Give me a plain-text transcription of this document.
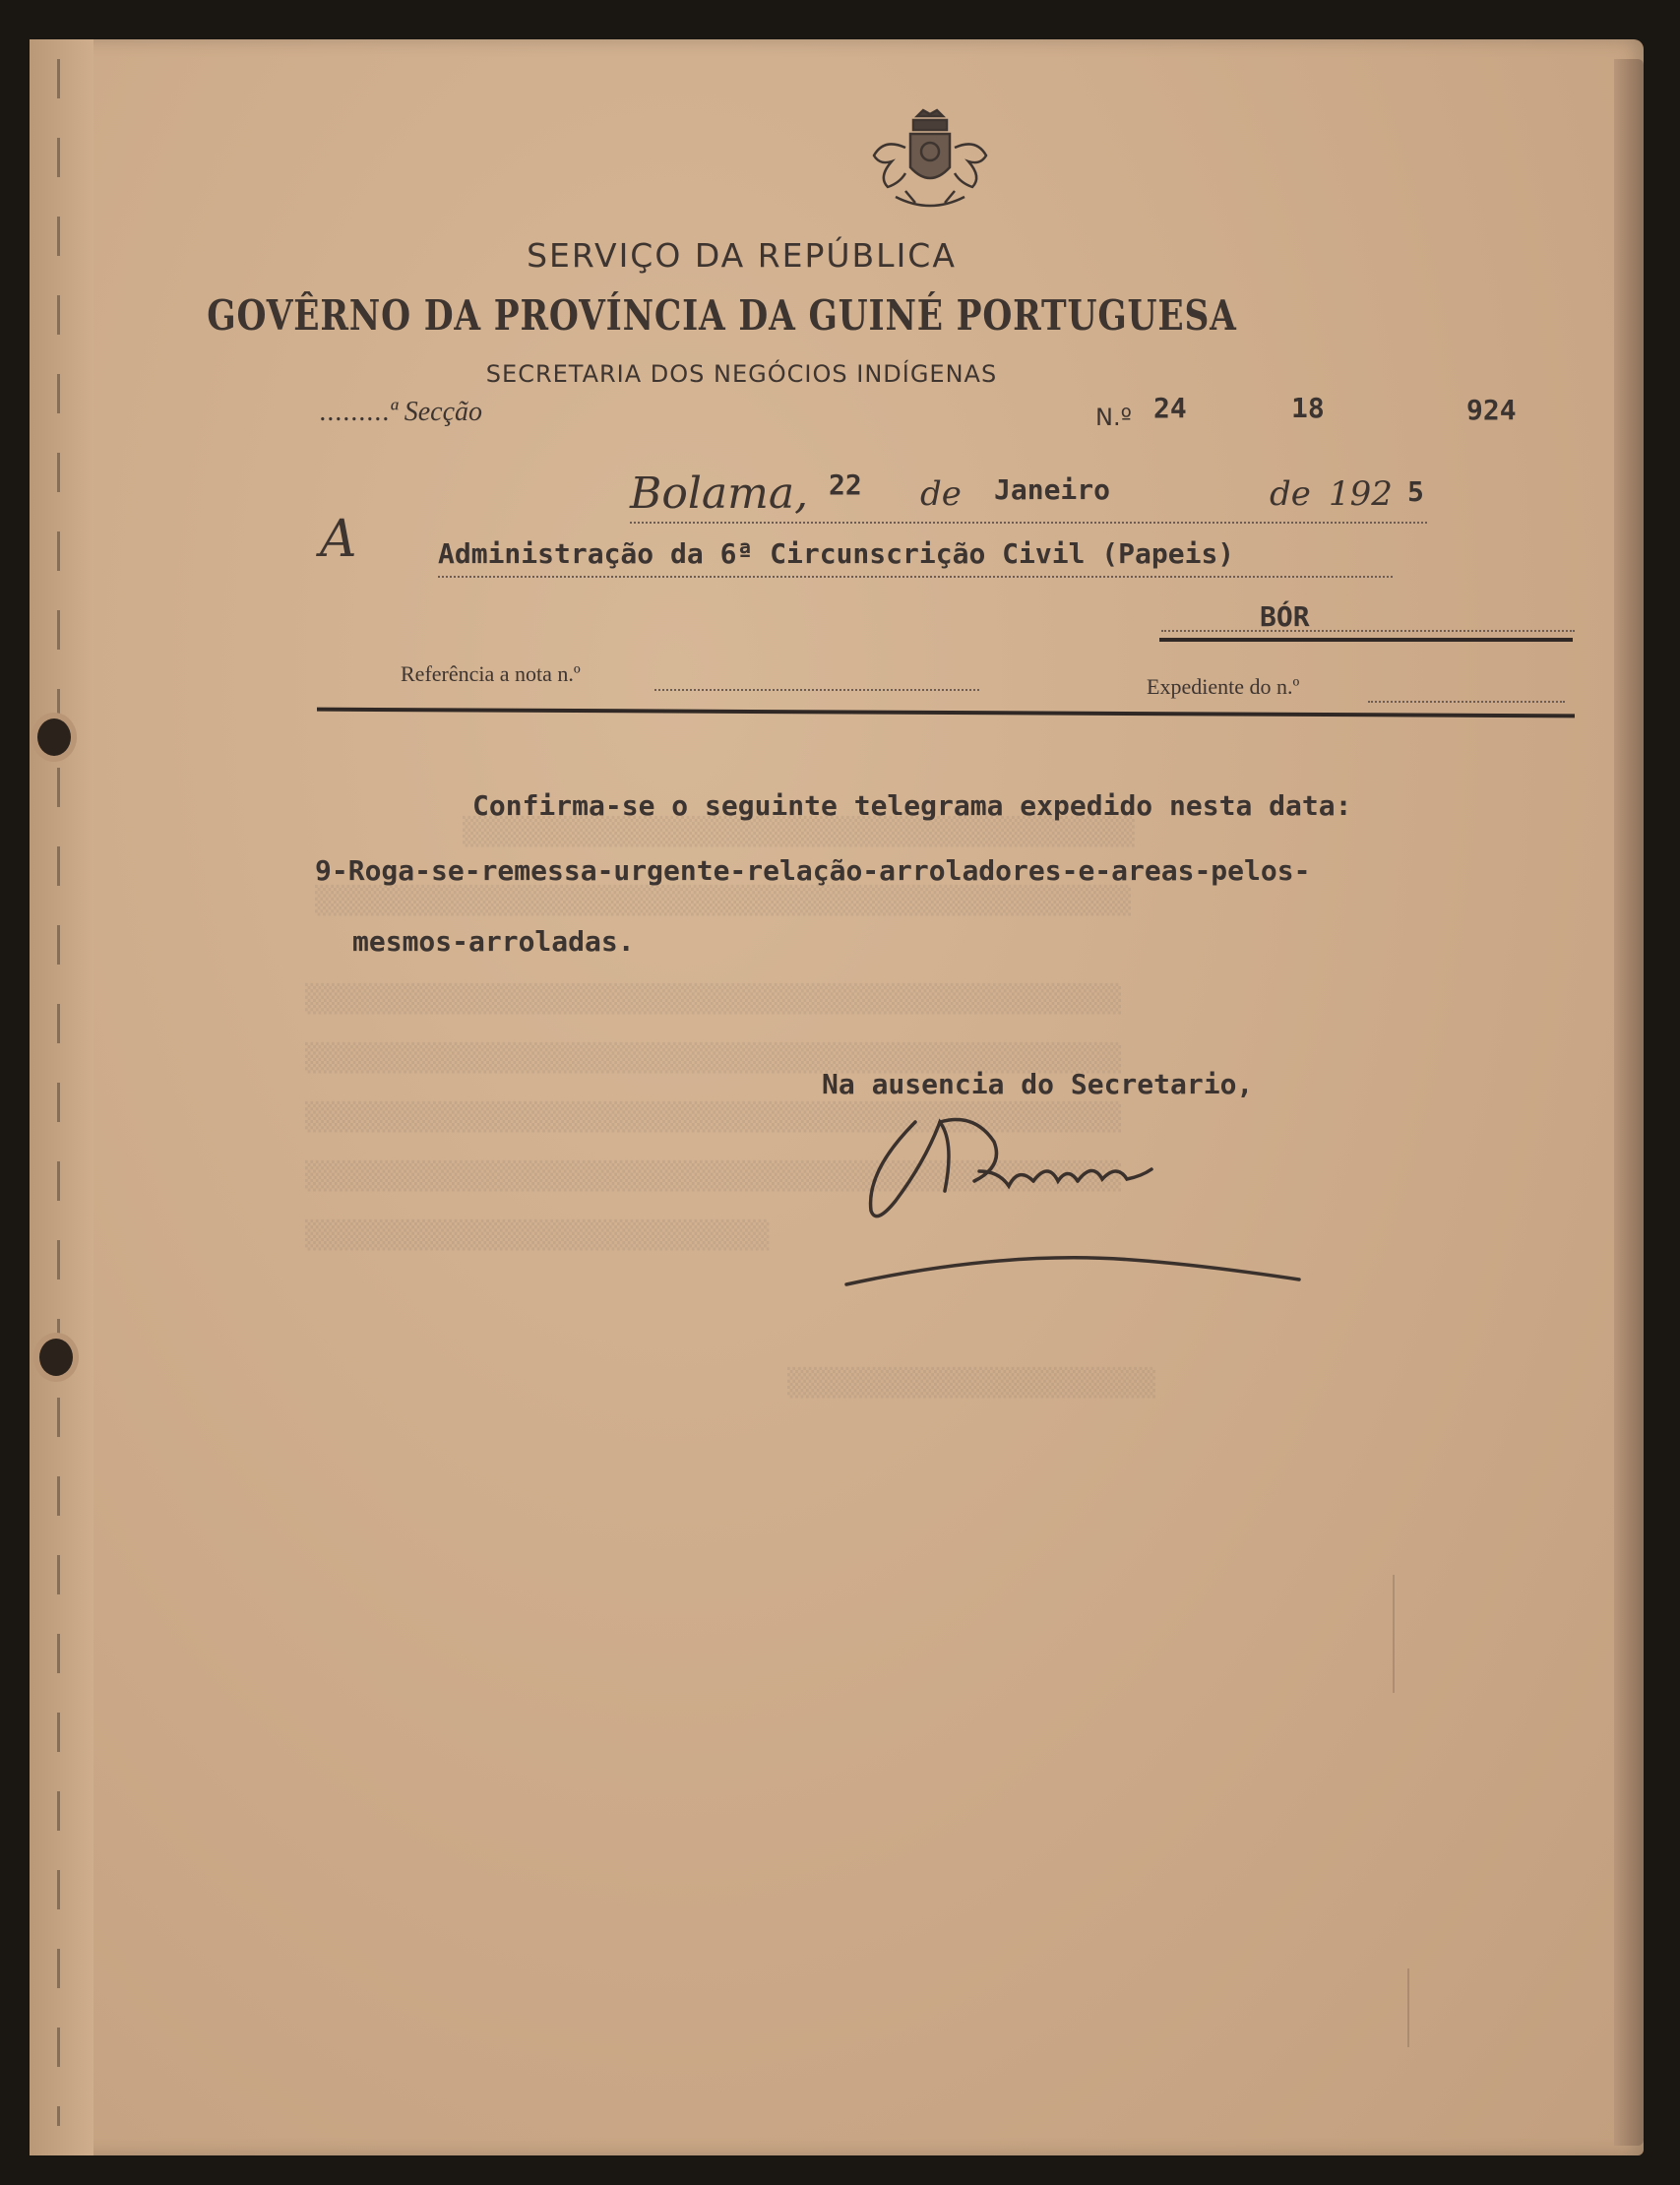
SERVIÇO DA REPÚBLICA
GOVÊRNO DA PROVÍNCIA DA GUINÉ PORTUGUESA
SECRETARIA DOS NEGÓCIOS INDÍGENAS
.........ª Secção	N.º 24	18	924
Bolama, 22 de Janeiro	de 192 5
A	Administração da 6ª Circunscrição Civil (Papeis)
BÓR
Referência a nota n.º
Expediente do n.º
▒▒▒▒▒▒▒▒▒▒▒▒▒▒▒▒▒▒▒▒▒▒▒▒▒▒▒▒▒▒▒▒▒▒▒▒▒▒▒▒▒▒
▒▒▒▒▒▒▒▒▒▒▒▒▒▒▒▒▒▒▒▒▒▒▒▒▒▒▒▒▒▒▒▒▒▒▒▒▒▒▒▒▒▒▒▒▒▒▒▒▒▒▒
▒▒▒▒▒▒▒▒▒▒▒▒▒▒▒▒▒▒▒▒▒▒▒▒▒▒▒▒▒▒▒▒▒▒▒▒▒▒▒▒▒▒▒▒▒▒▒▒▒▒▒
▒▒▒▒▒▒▒▒▒▒▒▒▒▒▒▒▒▒▒▒▒▒▒▒▒▒▒▒▒▒▒▒▒▒▒▒▒▒▒▒▒▒▒▒▒▒▒▒▒▒▒
▒▒▒▒▒▒▒▒▒▒▒▒▒▒▒▒▒▒▒▒▒▒▒▒▒▒▒▒▒▒▒▒▒▒▒▒▒▒▒▒▒▒▒▒▒▒▒▒▒▒▒
▒▒▒▒▒▒▒▒▒▒▒▒▒▒▒▒▒▒▒▒▒▒▒▒▒▒▒▒▒▒▒▒▒▒▒▒▒▒▒▒▒▒▒▒▒▒▒▒▒▒▒
▒▒▒▒▒▒▒▒▒▒▒▒▒▒▒▒▒▒▒▒▒▒▒▒▒▒▒▒▒
▒▒▒▒▒▒▒▒▒▒▒▒▒▒▒▒▒▒▒▒▒▒▒
Confirma-se o seguinte telegrama expedido nesta data:
9-Roga-se-remessa-urgente-relação-arroladores-e-areas-pelos-
mesmos-arroladas.
Na ausencia do Secretario,
